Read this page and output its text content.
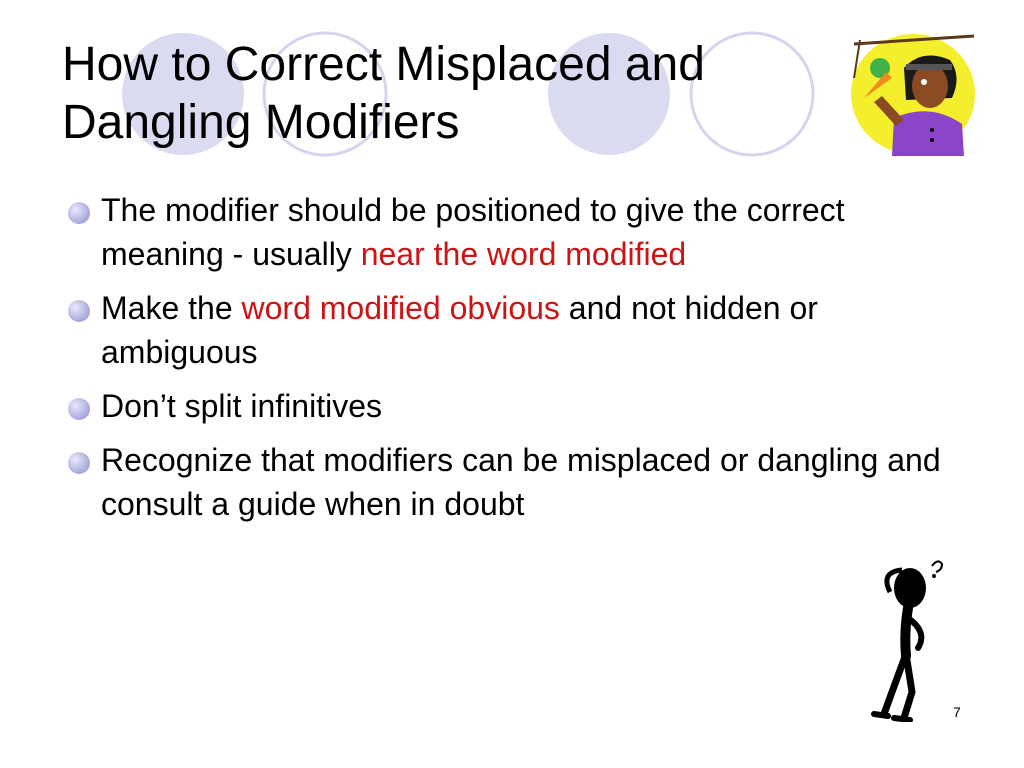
How to Correct Misplaced and
Dangling Modifiers
The modifier should be positioned to give the correct meaning - usually near the word modified
Make the word modified obvious and not hidden or ambiguous
Don’t split infinitives
Recognize that modifiers can be misplaced or dangling and consult a guide when in doubt
7
